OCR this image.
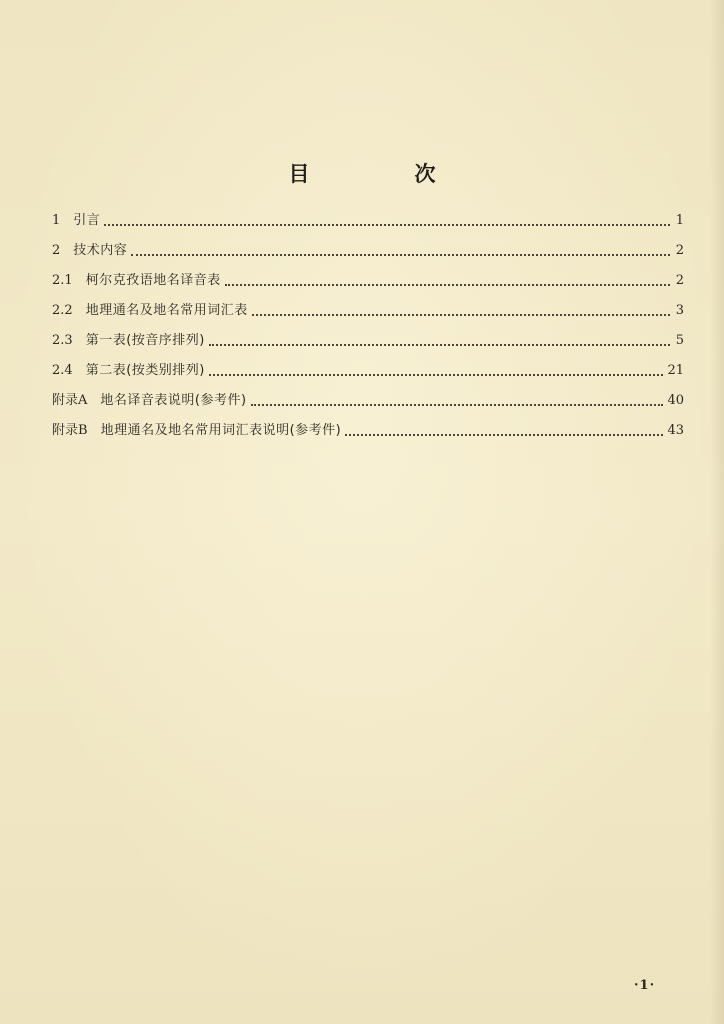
目　次
1　 引言	1
2　 技术内容	2
2.1　 柯尔克孜语地名译音表	2
2.2　 地理通名及地名常用词汇表	3
2.3　 第一表(按音序排列)	5
2.4　 第二表(按类别排列)	21
附录A　 地名译音表说明(参考件)	40
附录B　 地理通名及地名常用词汇表说明(参考件)	43
·1·
